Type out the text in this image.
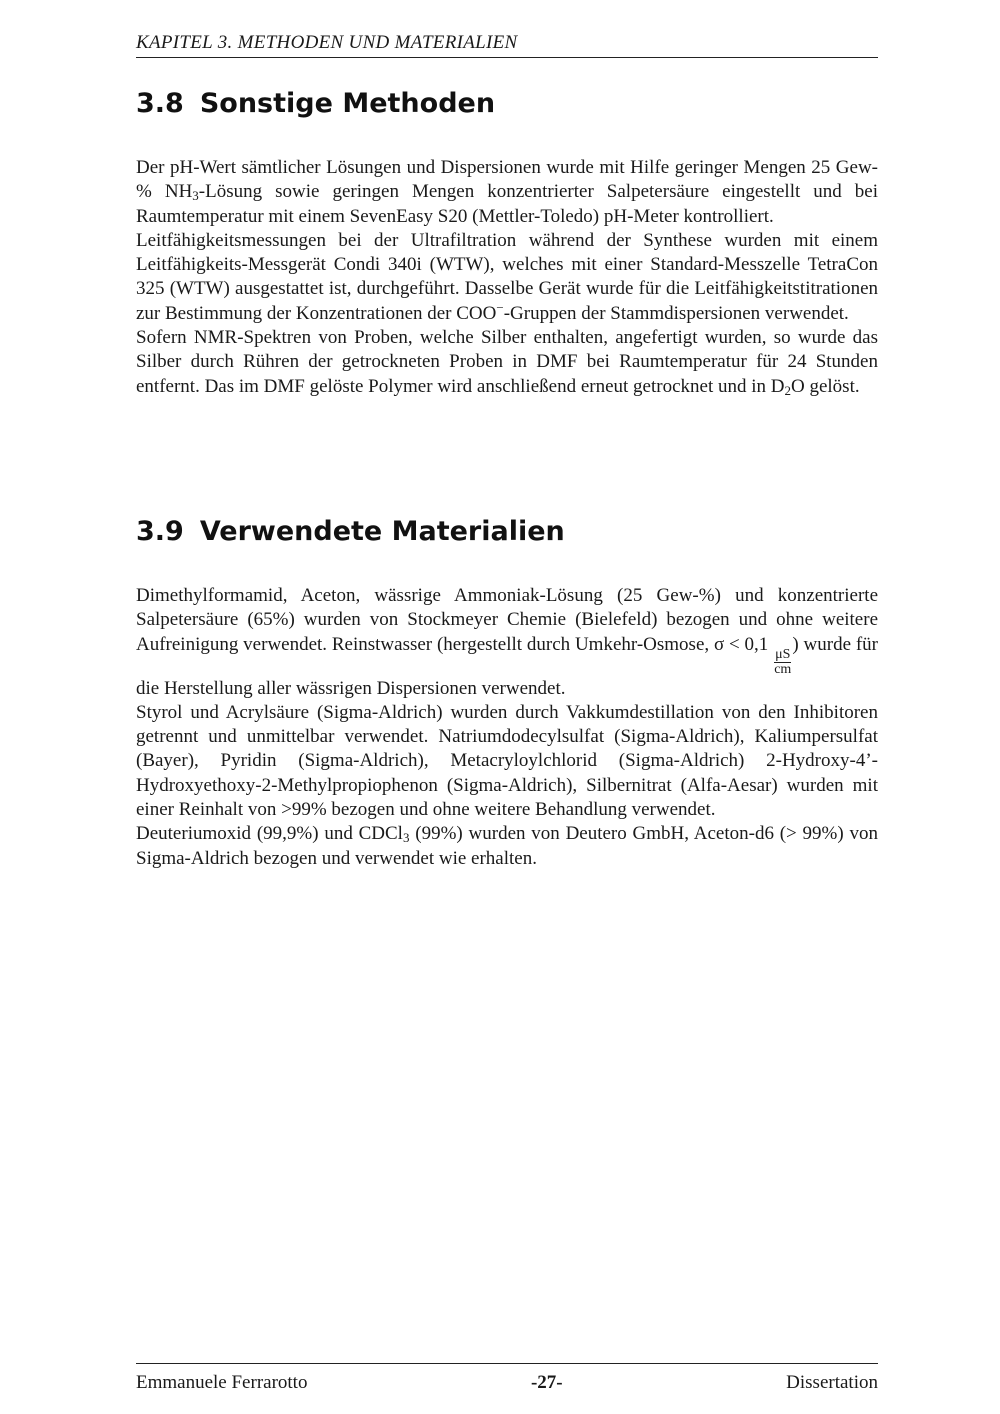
KAPITEL 3. METHODEN UND MATERIALIEN
3.8 Sonstige Methoden

Der pH-Wert sämtlicher Lösungen und Dispersionen wurde mit Hilfe geringer Mengen 25 Gew-% $NH_3$-Lösung sowie geringen Mengen konzentrierter Salpetersäure eingestellt und bei Raumtemperatur mit einem SevenEasy S20 (Mettler-Toledo) pH-Meter kontrolliert.

Leitfähigkeitsmessungen bei der Ultrafiltration während der Synthese wurden mit einem Leitfähigkeits-Messgerät Condi 340i (WTW), welches mit einer Standard-Messzelle TetraCon 325 (WTW) ausgestattet ist, durchgeführt. Dasselbe Gerät wurde für die Leitfähigkeitstitrationen zur Bestimmung der Konzentrationen der COO−-Gruppen der Stammdispersionen verwendet.

Sofern NMR-Spektren von Proben, welche Silber enthalten, angefertigt wurden, so wurde das Silber durch Rühren der getrockneten Proben in DMF bei Raumtemperatur für 24 Stunden entfernt. Das im DMF gelöste Polymer wird anschließend erneut getrocknet und in $D_2O$ gelöst.

3.9 Verwendete Materialien

Dimethylformamid, Aceton, wässrige Ammoniak-Lösung (25 Gew-%) und konzentrierte Salpetersäure (65%) wurden von Stockmeyer Chemie (Bielefeld) bezogen und ohne weitere Aufreinigung verwendet. Reinstwasser (hergestellt durch Umkehr-Osmose, σ < 0,1
$\frac{\mu S}{cm}$
) wurde für die Herstellung aller wässrigen Dispersionen verwendet.

Styrol und Acrylsäure (Sigma-Aldrich) wurden durch Vakkumdestillation von den Inhibitoren getrennt und unmittelbar verwendet. Natriumdodecylsulfat (Sigma-Aldrich), Kaliumpersulfat (Bayer), Pyridin (Sigma-Aldrich), Metacryloylchlorid (Sigma-Aldrich) 2-Hydroxy-4’-Hydroxyethoxy-2-Methylpropiophenon (Sigma-Aldrich), Silbernitrat (Alfa-Aesar) wurden mit einer Reinhalt von >99% bezogen und ohne weitere Behandlung verwendet.

Deuteriumoxid (99,9%) und CDCl$_3$ (99%) wurden von Deutero GmbH, Aceton-d6 (> 99%) von Sigma-Aldrich bezogen und verwendet wie erhalten.

Emmanuele Ferrarotto	-27-	Dissertation
